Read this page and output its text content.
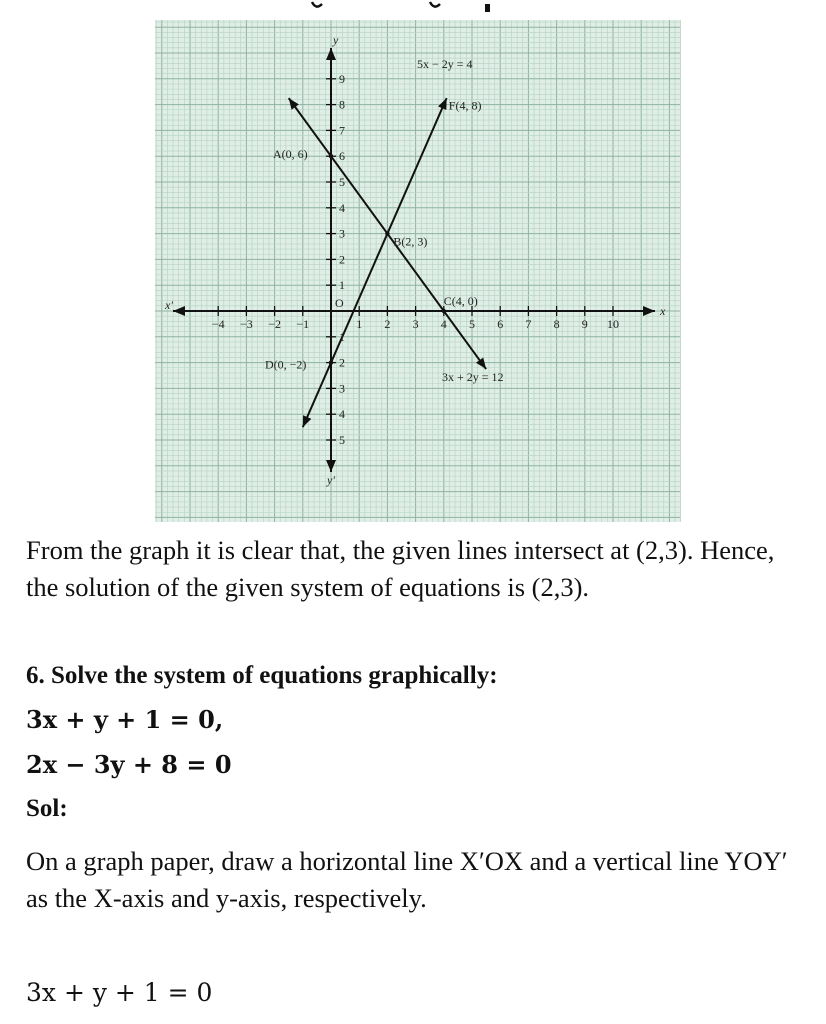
−4 −3 −2 −1	1 2 3 4 5 6 7 8 9 10
9
8
7
6
5
4
3
2
1
1
2
3
4
5
x
x'
y
y'
O
5x − 2y = 4
3x + 2y = 12
A(0, 6)
B(2, 3)
C(4, 0)
D(0, −2)
F(4, 8)

From the graph it is clear that, the given lines intersect at (2,3). Hence, the solution of the given system of equations is (2,3).

6. Solve the system of equations graphically:

3x + y + 1 = 0,

2x − 3y + 8 = 0

Sol:

On a graph paper, draw a horizontal line X′OX and a vertical line YOY′ as the X-axis and y-axis, respectively.

3x + y + 1 = 0
